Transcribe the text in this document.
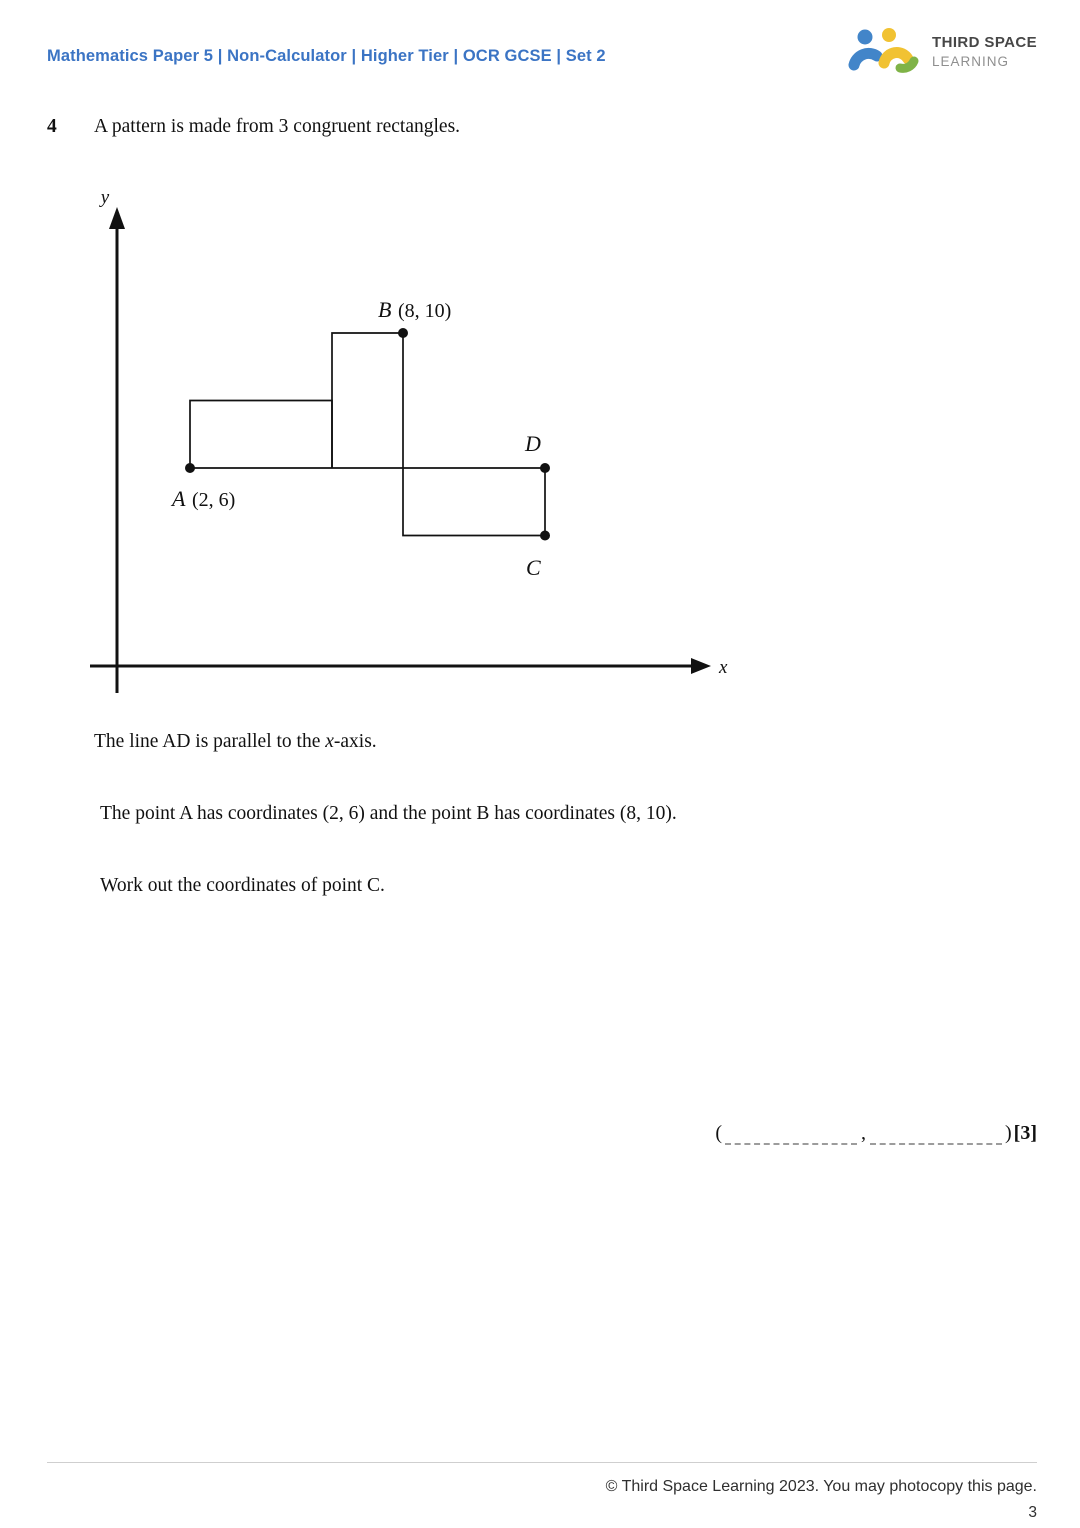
Mathematics Paper 5 | Non-Calculator | Higher Tier | OCR GCSE | Set 2
THIRD SPACE
LEARNING
4 A pattern is made from 3 congruent rectangles.
y
x
B (8, 10)
A (2, 6)
D
C
The line AD is parallel to the x-axis.
The point A has coordinates (2, 6) and the point B has coordinates (8, 10).
Work out the coordinates of point C.
(	,	) [3]
© Third Space Learning 2023. You may photocopy this page.
3
